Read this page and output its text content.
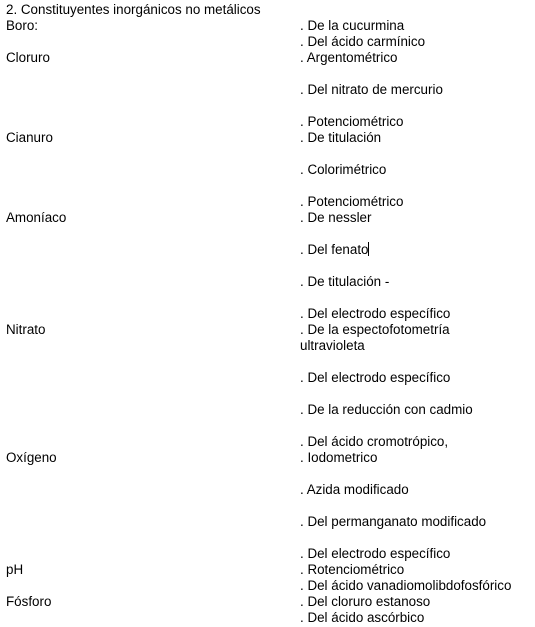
2. Constituyentes inorgánicos no metálicos
Boro:
Cloruro
Cianuro
Amoníaco
Nitrato
Oxígeno
pH
Fósforo
. De la cucurmina
. Del ácido carmínico
. Argentométrico
. Del nitrato de mercurio
. Potenciométrico
. De titulación
. Colorimétrico
. Potenciométrico
. De nessler
. Del fenato
. De titulación -
. Del electrodo específico
. De la espectofotometría
ultravioleta
. Del electrodo específico
. De la reducción con cadmio
. Del ácido cromotrópico,
. Iodometrico
. Azida modificado
. Del permanganato modificado
. Del electrodo específico
. Rotenciométrico
. Del ácido vanadiomolibdofosfórico
. Del cloruro estanoso
. Del ácido ascórbico
